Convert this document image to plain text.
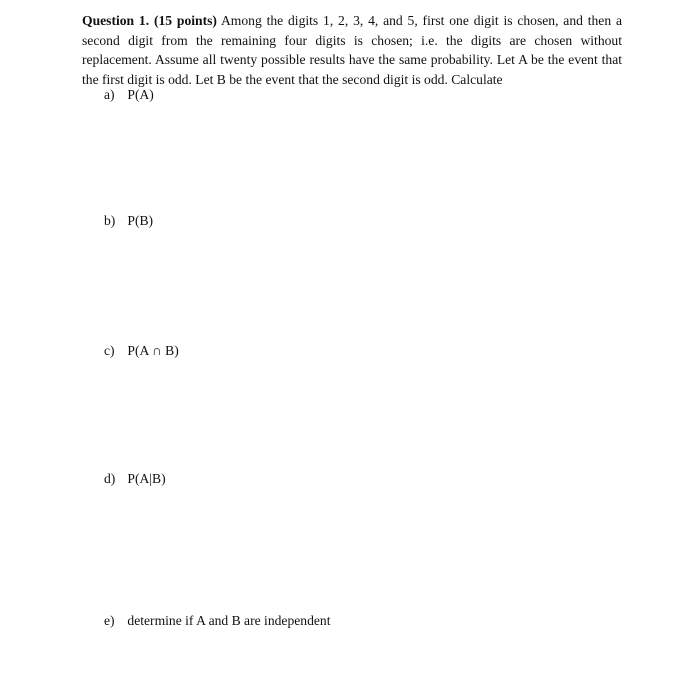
Question 1. (15 points) Among the digits 1, 2, 3, 4, and 5, first one digit is chosen, and then a second digit from the remaining four digits is chosen; i.e. the digits are chosen without replacement. Assume all twenty possible results have the same probability. Let A be the event that the first digit is odd. Let B be the event that the second digit is odd. Calculate
a) P(A)
b) P(B)
c) P(A ∩ B)
d) P(A|B)
e) determine if A and B are independent
